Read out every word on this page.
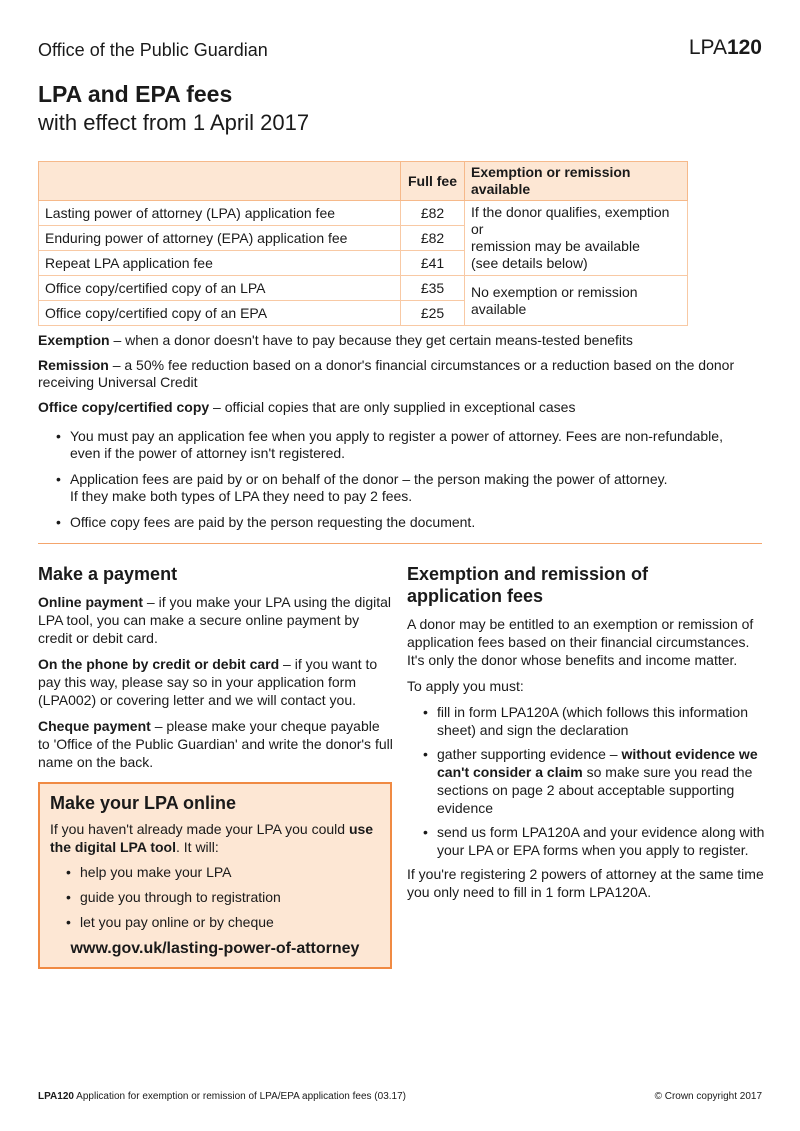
Office of the Public Guardian	LPA120
LPA and EPA fees
with effect from 1 April 2017
	Full fee	Exemption or remission available
Lasting power of attorney (LPA) application fee	£82	If the donor qualifies, exemption or
remission may be available
(see details below)

Enduring power of attorney (EPA) application fee	£82	
Repeat LPA application fee	£41	
Office copy/certified copy of an LPA	£35	No exemption or remission available
Office copy/certified copy of an EPA	£25	

Exemption – when a donor doesn't have to pay because they get certain means-tested benefits

Remission – a 50% fee reduction based on a donor's financial circumstances or a reduction based on the donor receiving Universal Credit

Office copy/certified copy – official copies that are only supplied in exceptional cases

• You must pay an application fee when you apply to register a power of attorney. Fees are non-refundable,
even if the power of attorney isn't registered.
• Application fees are paid by or on behalf of the donor – the person making the power of attorney.
If they make both types of LPA they need to pay 2 fees.
• Office copy fees are paid by the person requesting the document.
Make a payment

Online payment – if you make your LPA using the digital LPA tool, you can make a secure online payment by credit or debit card.

On the phone by credit or debit card – if you want to pay this way, please say so in your application form (LPA002) or covering letter and we will contact you.

Cheque payment – please make your cheque payable to 'Office of the Public Guardian' and write the donor's full name on the back.

Make your LPA online

If you haven't already made your LPA you could use the digital LPA tool. It will:

• help you make your LPA
• guide you through to registration
• let you pay online or by cheque
www.gov.uk/lasting-power-of-attorney
Exemption and remission of
application fees

A donor may be entitled to an exemption or remission of application fees based on their financial circumstances. It's only the donor whose benefits and income matter.

To apply you must:

• fill in form LPA120A (which follows this information sheet) and sign the declaration
• gather supporting evidence – without evidence we can't consider a claim so make sure you read the sections on page 2 about acceptable supporting evidence
• send us form LPA120A and your evidence along with your LPA or EPA forms when you apply to register.

If you're registering 2 powers of attorney at the same time you only need to fill in 1 form LPA120A.

LPA120 Application for exemption or remission of LPA/EPA application fees (03.17)	© Crown copyright 2017
